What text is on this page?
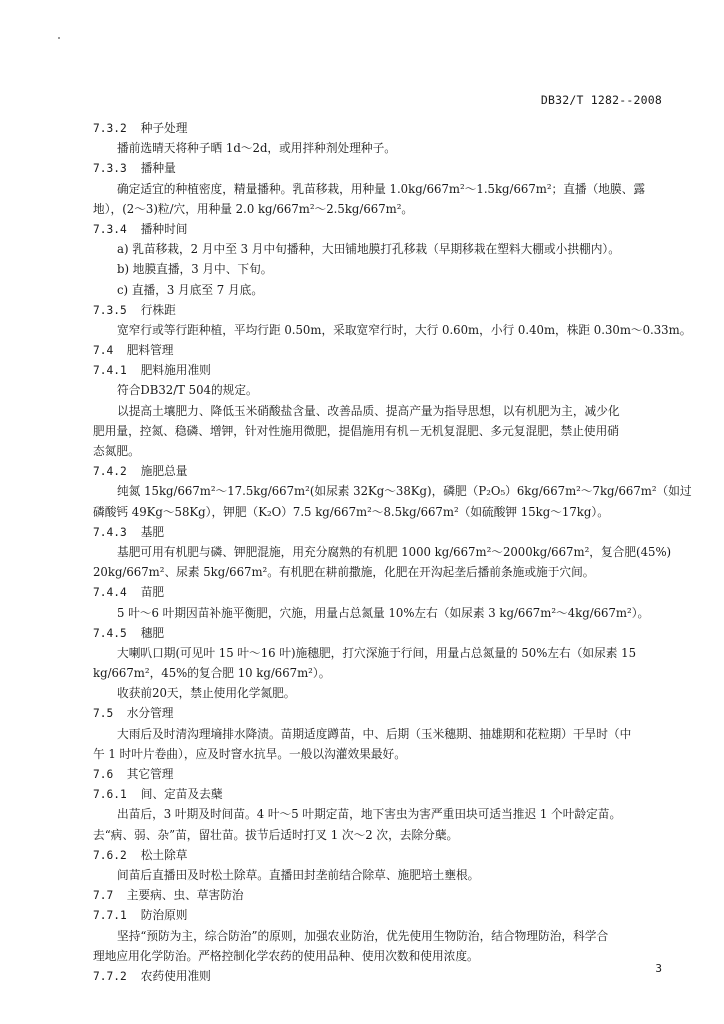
DB32/T 1282--2008
7.3.2 种子处理
播前选晴天将种子晒 1d～2d，或用拌种剂处理种子。
7.3.3 播种量
确定适宜的种植密度，精量播种。乳苗移栽，用种量 1.0kg/667m²～1.5kg/667m²；直播（地膜、露
地），(2～3)粒/穴，用种量 2.0 kg/667m²～2.5kg/667m²。
7.3.4 播种时间
a) 乳苗移栽，2 月中至 3 月中旬播种，大田铺地膜打孔移栽（早期移栽在塑料大棚或小拱棚内）。
b) 地膜直播，3 月中、下旬。
c) 直播，3 月底至 7 月底。
7.3.5 行株距
宽窄行或等行距种植，平均行距 0.50m，采取宽窄行时，大行 0.60m，小行 0.40m，株距 0.30m～0.33m。
7.4 肥料管理
7.4.1 肥料施用准则
符合DB32/T 504的规定。
以提高土壤肥力、降低玉米硝酸盐含量、改善品质、提高产量为指导思想，以有机肥为主，减少化
肥用量，控氮、稳磷、增钾，针对性施用微肥，提倡施用有机－无机复混肥、多元复混肥，禁止使用硝
态氮肥。
7.4.2 施肥总量
纯氮 15kg/667m²～17.5kg/667m²(如尿素 32Kg～38Kg)，磷肥（P₂O₅）6kg/667m²～7kg/667m²（如过
磷酸钙 49Kg～58Kg），钾肥（K₂O）7.5 kg/667m²～8.5kg/667m²（如硫酸钾 15kg～17kg）。
7.4.3 基肥
基肥可用有机肥与磷、钾肥混施，用充分腐熟的有机肥 1000 kg/667m²～2000kg/667m²，复合肥(45%)
20kg/667m²、尿素 5kg/667m²。有机肥在耕前撒施，化肥在开沟起垄后播前条施或施于穴间。
7.4.4 苗肥
5 叶～6 叶期因苗补施平衡肥，穴施，用量占总氮量 10%左右（如尿素 3 kg/667m²～4kg/667m²）。
7.4.5 穗肥
大喇叭口期(可见叶 15 叶～16 叶)施穗肥，打穴深施于行间，用量占总氮量的 50%左右（如尿素 15
kg/667m²，45%的复合肥 10 kg/667m²）。
收获前20天，禁止使用化学氮肥。
7.5 水分管理
大雨后及时清沟理墒排水降渍。苗期适度蹲苗，中、后期（玉米穗期、抽雄期和花粒期）干旱时（中
午 1 时叶片卷曲），应及时窨水抗旱。一般以沟灌效果最好。
7.6 其它管理
7.6.1 间、定苗及去蘖
出苗后，3 叶期及时间苗。4 叶～5 叶期定苗，地下害虫为害严重田块可适当推迟 1 个叶龄定苗。
去“病、弱、杂”苗，留壮苗。拔节后适时打叉 1 次～2 次，去除分蘖。
7.6.2 松土除草
间苗后直播田及时松土除草。直播田封垄前结合除草、施肥培土壅根。
7.7 主要病、虫、草害防治
7.7.1 防治原则
坚持“预防为主，综合防治”的原则，加强农业防治，优先使用生物防治，结合物理防治，科学合
理地应用化学防治。严格控制化学农药的使用品种、使用次数和使用浓度。
7.7.2 农药使用准则
3
